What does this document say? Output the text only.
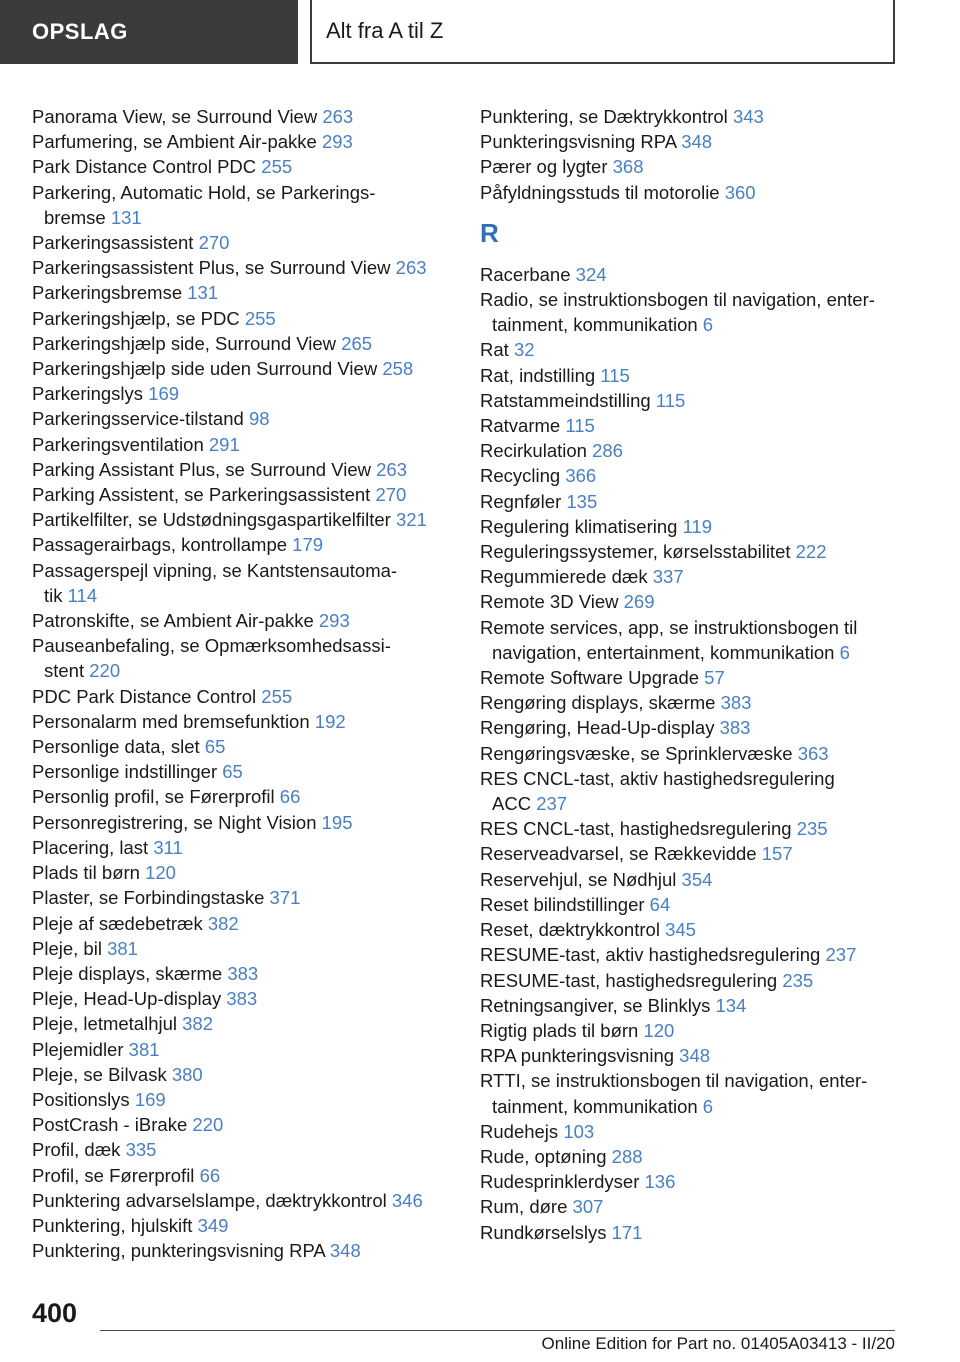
OPSLAG	Alt fra A til Z
Panorama View, se Surround View 263
Parfumering, se Ambient Air-pakke 293
Park Distance Control PDC 255
Parkering, Automatic Hold, se Parkerings-
bremse 131
Parkeringsassistent 270
Parkeringsassistent Plus, se Surround View 263
Parkeringsbremse 131
Parkeringshjælp, se PDC 255
Parkeringshjælp side, Surround View 265
Parkeringshjælp side uden Surround View 258
Parkeringslys 169
Parkeringsservice-tilstand 98
Parkeringsventilation 291
Parking Assistant Plus, se Surround View 263
Parking Assistent, se Parkeringsassistent 270
Partikelfilter, se Udstødningsgaspartikelfilter 321
Passagerairbags, kontrollampe 179
Passagerspejl vipning, se Kantstensautoma-
tik 114
Patronskifte, se Ambient Air-pakke 293
Pauseanbefaling, se Opmærksomhedsassi-
stent 220
PDC Park Distance Control 255
Personalarm med bremsefunktion 192
Personlige data, slet 65
Personlige indstillinger 65
Personlig profil, se Førerprofil 66
Personregistrering, se Night Vision 195
Placering, last 311
Plads til børn 120
Plaster, se Forbindingstaske 371
Pleje af sædebetræk 382
Pleje, bil 381
Pleje displays, skærme 383
Pleje, Head-Up-display 383
Pleje, letmetalhjul 382
Plejemidler 381
Pleje, se Bilvask 380
Positionslys 169
PostCrash - iBrake 220
Profil, dæk 335
Profil, se Førerprofil 66
Punktering advarselslampe, dæktrykkontrol 346
Punktering, hjulskift 349
Punktering, punkteringsvisning RPA 348
Punktering, se Dæktrykkontrol 343
Punkteringsvisning RPA 348
Pærer og lygter 368
Påfyldningsstuds til motorolie 360
R
Racerbane 324
Radio, se instruktionsbogen til navigation, enter-
tainment, kommunikation 6
Rat 32
Rat, indstilling 115
Ratstammeindstilling 115
Ratvarme 115
Recirkulation 286
Recycling 366
Regnføler 135
Regulering klimatisering 119
Reguleringssystemer, kørselsstabilitet 222
Regummierede dæk 337
Remote 3D View 269
Remote services, app, se instruktionsbogen til
navigation, entertainment, kommunikation 6
Remote Software Upgrade 57
Rengøring displays, skærme 383
Rengøring, Head-Up-display 383
Rengøringsvæske, se Sprinklervæske 363
RES CNCL-tast, aktiv hastighedsregulering
ACC 237
RES CNCL-tast, hastighedsregulering 235
Reserveadvarsel, se Rækkevidde 157
Reservehjul, se Nødhjul 354
Reset bilindstillinger 64
Reset, dæktrykkontrol 345
RESUME-tast, aktiv hastighedsregulering 237
RESUME-tast, hastighedsregulering 235
Retningsangiver, se Blinklys 134
Rigtig plads til børn 120
RPA punkteringsvisning 348
RTTI, se instruktionsbogen til navigation, enter-
tainment, kommunikation 6
Rudehejs 103
Rude, optøning 288
Rudesprinklerdyser 136
Rum, døre 307
Rundkørselslys 171
400
Online Edition for Part no. 01405A03413 - II/20
